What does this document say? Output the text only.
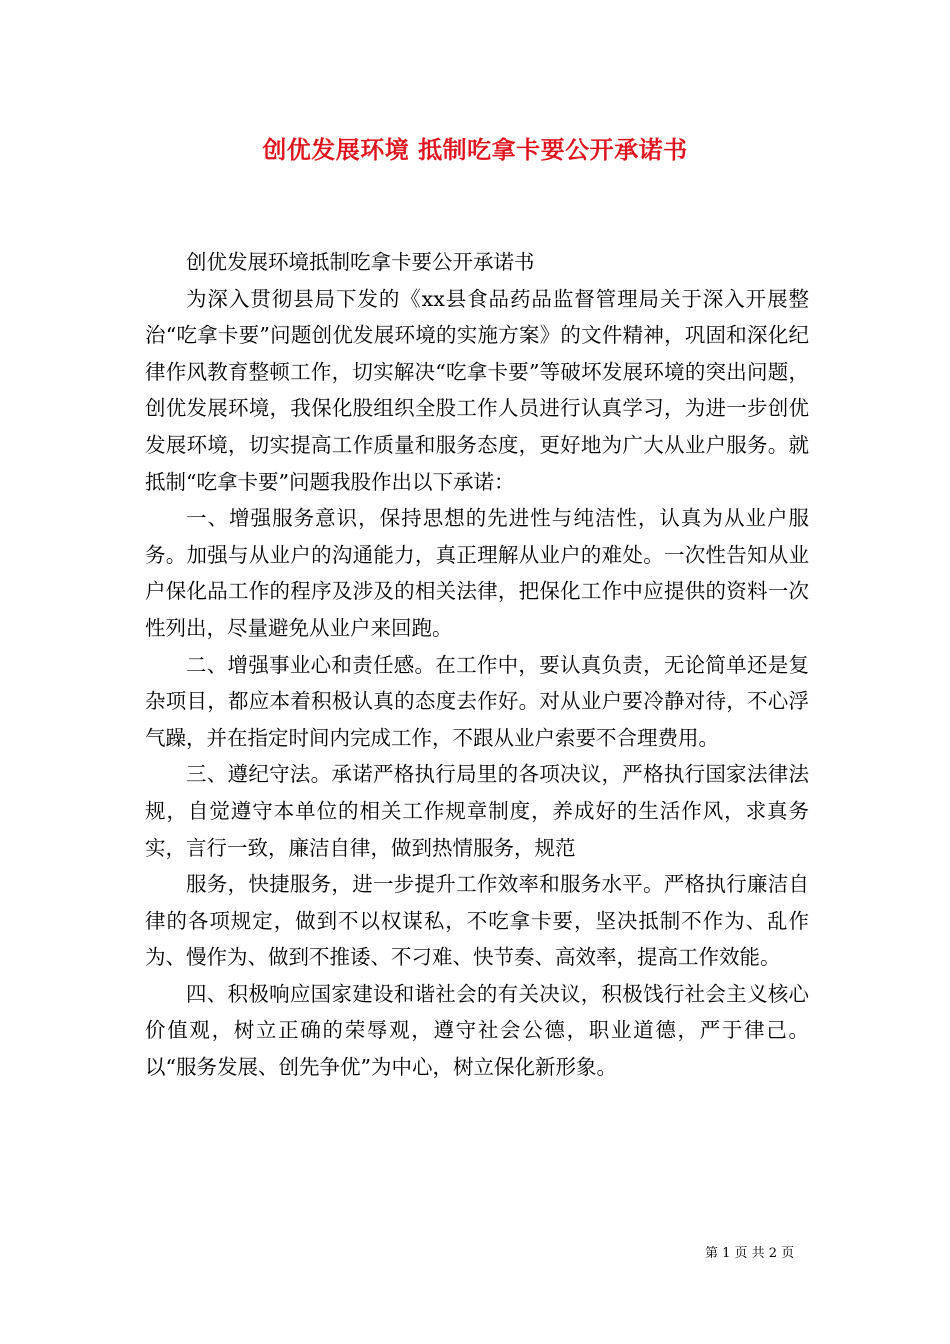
创优发展环境 抵制吃拿卡要公开承诺书

创优发展环境抵制吃拿卡要公开承诺书

为深入贯彻县局下发的《xx县食品药品监督管理局关于深入开展整治“吃拿卡要”问题创优发展环境的实施方案》的文件精神，巩固和深化纪律作风教育整顿工作，切实解决“吃拿卡要”等破坏发展环境的突出问题，创优发展环境，我保化股组织全股工作人员进行认真学习，为进一步创优发展环境，切实提高工作质量和服务态度，更好地为广大从业户服务。就抵制“吃拿卡要”问题我股作出以下承诺：

一、增强服务意识，保持思想的先进性与纯洁性，认真为从业户服务。加强与从业户的沟通能力，真正理解从业户的难处。一次性告知从业户保化品工作的程序及涉及的相关法律，把保化工作中应提供的资料一次性列出，尽量避免从业户来回跑。

二、增强事业心和责任感。在工作中，要认真负责，无论简单还是复杂项目，都应本着积极认真的态度去作好。对从业户要冷静对待，不心浮气躁，并在指定时间内完成工作，不跟从业户索要不合理费用。

三、遵纪守法。承诺严格执行局里的各项决议，严格执行国家法律法规，自觉遵守本单位的相关工作规章制度，养成好的生活作风，求真务实，言行一致，廉洁自律，做到热情服务，规范

服务，快捷服务，进一步提升工作效率和服务水平。严格执行廉洁自律的各项规定，做到不以权谋私，不吃拿卡要，坚决抵制不作为、乱作为、慢作为、做到不推诿、不刁难、快节奏、高效率，提高工作效能。

四、积极响应国家建设和谐社会的有关决议，积极饯行社会主义核心价值观，树立正确的荣辱观，遵守社会公德，职业道德，严于律己。以“服务发展、创先争优”为中心，树立保化新形象。

第 1 页 共 2 页
